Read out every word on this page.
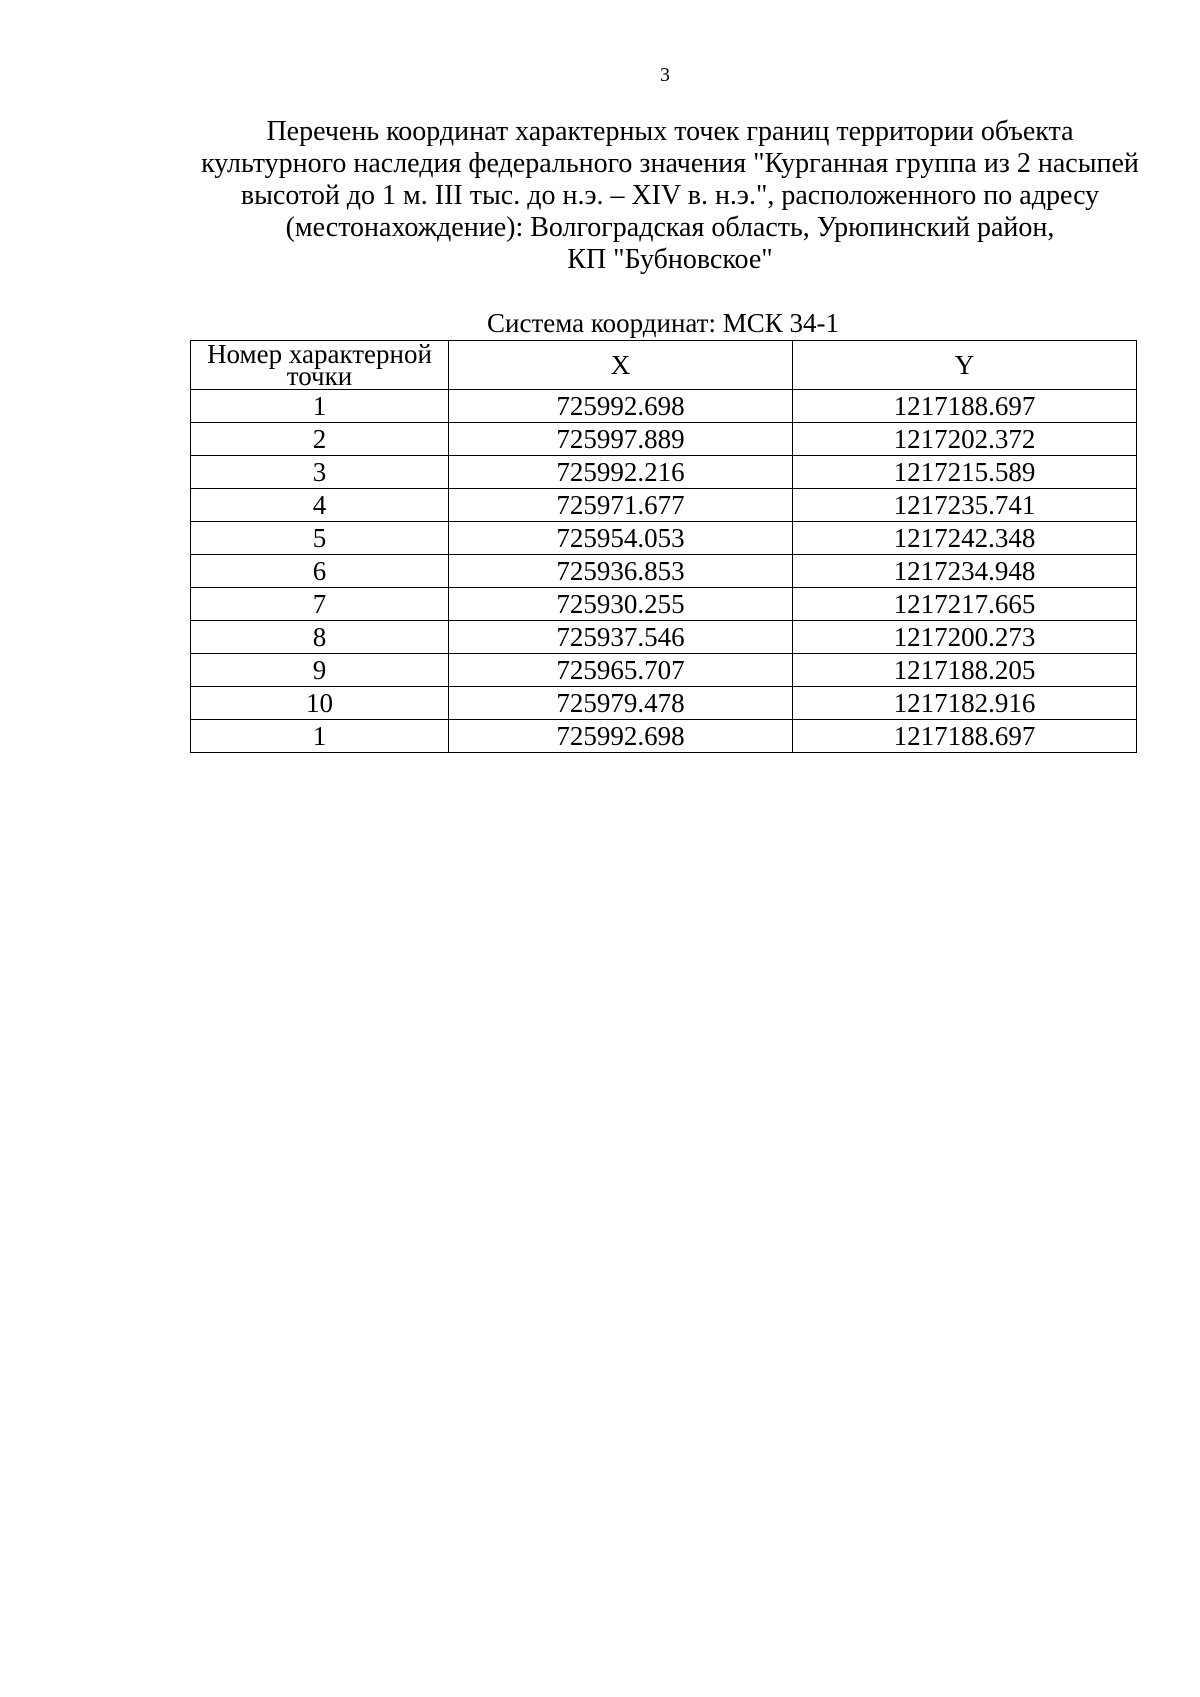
3
Перечень координат характерных точек границ территории объекта
культурного наследия федерального значения "Курганная группа из 2 насыпей
высотой до 1 м. III тыс. до н.э. – XIV в. н.э.", расположенного по адресу
(местонахождение): Волгоградская область, Урюпинский район,
КП "Бубновское"
Система координат: МСК 34-1
Номер характерной
точки	X	Y
1	725992.698	1217188.697
2	725997.889	1217202.372
3	725992.216	1217215.589
4	725971.677	1217235.741
5	725954.053	1217242.348
6	725936.853	1217234.948
7	725930.255	1217217.665
8	725937.546	1217200.273
9	725965.707	1217188.205
10	725979.478	1217182.916
1	725992.698	1217188.697
